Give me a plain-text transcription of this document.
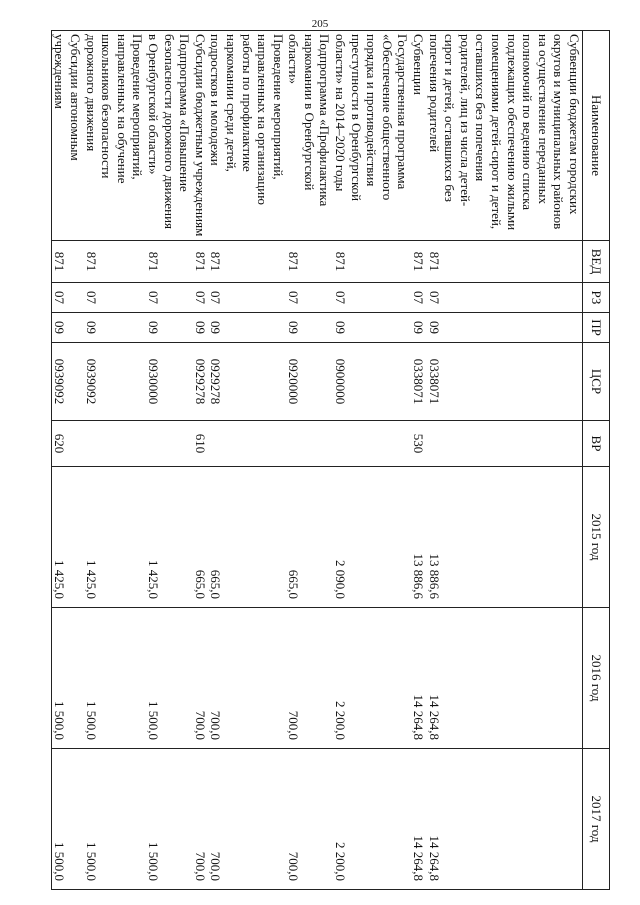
205
Наименование	ВЕД	РЗ	ПР	ЦСР	ВР	2015 год	2016 год	2017 год
Субвенции бюджетам городских округов и муниципальных районов на осуществление переданных полномочий по ведению списка подлежащих обеспечению жилыми помещениями детей-сирот и детей, оставшихся без попечения родителей, лиц из числа детей-сирот и детей, оставшихся без попечения родителей	871	07	09	0338071		13 886,6	14 264,8	14 264,8
Субвенции	871	07	09	0338071	530	13 886,6	14 264,8	14 264,8
Государственная программа «Обеспечение общественного порядка и противодействия преступности в Оренбургской области» на 2014–2020 годы	871	07	09	0900000		2 090,0	2 200,0	2 200,0
Подпрограмма «Профилактика наркомании в Оренбургской области»	871	07	09	0920000		665,0	700,0	700,0
Проведение мероприятий, направленных на организацию работы по профилактике наркомании среди детей, подростков и молодежи	871	07	09	0929278		665,0	700,0	700,0
Субсидии бюджетным учреждениям	871	07	09	0929278	610	665,0	700,0	700,0
Подпрограмма «Повышение безопасности дорожного движения в Оренбургской области»	871	07	09	0930000		1 425,0	1 500,0	1 500,0
Проведение мероприятий, направленных на обучение школьников безопасности дорожного движения	871	07	09	0939092		1 425,0	1 500,0	1 500,0
Субсидии автономным учреждениям	871	07	09	0939092	620	1 425,0	1 500,0	1 500,0
